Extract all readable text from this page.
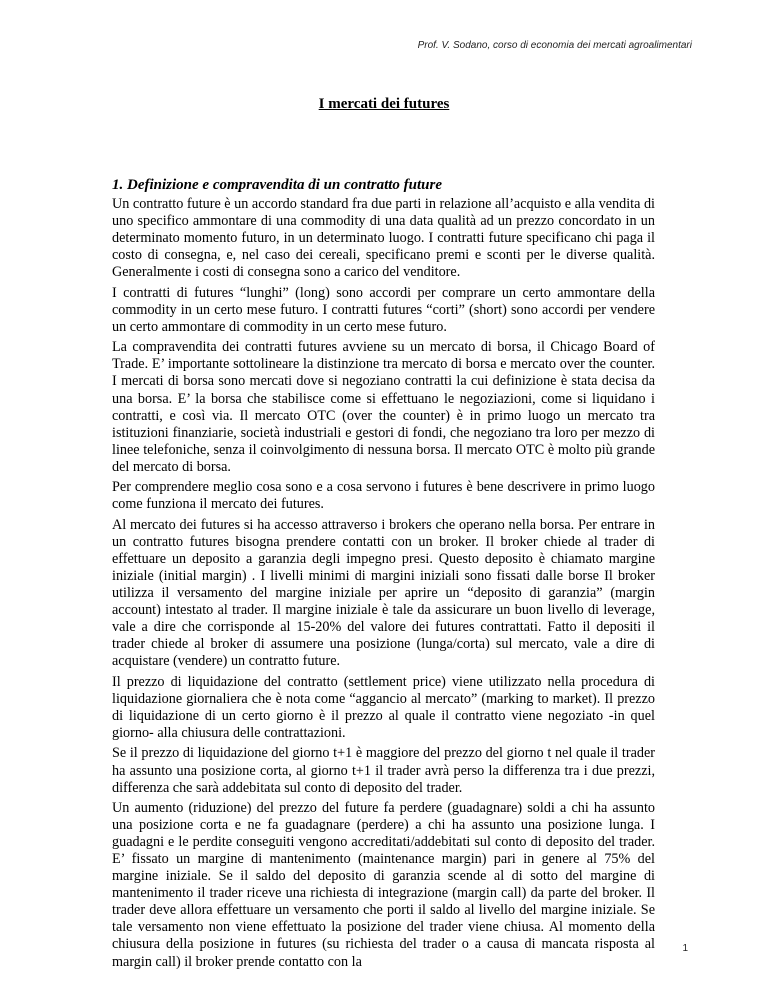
Prof. V. Sodano, corso di economia dei mercati agroalimentari
I mercati dei futures
1. Definizione e compravendita di un contratto future

Un contratto future è un accordo standard fra due parti in relazione all’acquisto e alla vendita di uno specifico ammontare di una commodity di una data qualità ad un prezzo concordato in un determinato momento futuro, in un determinato luogo. I contratti future specificano chi paga il costo di consegna, e, nel caso dei cereali, specificano premi e sconti per le diverse qualità. Generalmente i costi di consegna sono a carico del venditore.

I contratti di futures “lunghi” (long) sono accordi per comprare un certo ammontare della commodity in un certo mese futuro. I contratti futures “corti” (short) sono accordi per vendere un certo ammontare di commodity in un certo mese futuro.

La compravendita dei contratti futures avviene su un mercato di borsa, il Chicago Board of Trade. E’ importante sottolineare la distinzione tra mercato di borsa e mercato over the counter. I mercati di borsa sono mercati dove si negoziano contratti la cui definizione è stata decisa da una borsa. E’ la borsa che stabilisce come si effettuano le negoziazioni, come si liquidano i contratti, e così via. Il mercato OTC (over the counter) è in primo luogo un mercato tra istituzioni finanziarie, società industriali e gestori di fondi, che negoziano tra loro per mezzo di linee telefoniche, senza il coinvolgimento di nessuna borsa. Il mercato OTC è molto più grande del mercato di borsa.

Per comprendere meglio cosa sono e a cosa servono i futures è bene descrivere in primo luogo come funziona il mercato dei futures.

Al mercato dei futures si ha accesso attraverso i brokers che operano nella borsa. Per entrare in un contratto futures bisogna prendere contatti con un broker. Il broker chiede al trader di effettuare un deposito a garanzia degli impegno presi. Questo deposito è chiamato margine iniziale (initial margin) . I livelli minimi di margini iniziali sono fissati dalle borse Il broker utilizza il versamento del margine iniziale per aprire un “deposito di garanzia” (margin account) intestato al trader. Il margine iniziale è tale da assicurare un buon livello di leverage, vale a dire che corrisponde al 15-20% del valore dei futures contrattati. Fatto il depositi il trader chiede al broker di assumere una posizione (lunga/corta) sul mercato, vale a dire di acquistare (vendere) un contratto future.

Il prezzo di liquidazione del contratto (settlement price) viene utilizzato nella procedura di liquidazione giornaliera che è nota come “aggancio al mercato” (marking to market). Il prezzo di liquidazione di un certo giorno è il prezzo al quale il contratto viene negoziato -in quel giorno- alla chiusura delle contrattazioni.

Se il prezzo di liquidazione del giorno t+1 è maggiore del prezzo del giorno t nel quale il trader ha assunto una posizione corta, al giorno t+1 il trader avrà perso la differenza tra i due prezzi, differenza che sarà addebitata sul conto di deposito del trader.

Un aumento (riduzione) del prezzo del future fa perdere (guadagnare) soldi a chi ha assunto una posizione corta e ne fa guadagnare (perdere) a chi ha assunto una posizione lunga. I guadagni e le perdite conseguiti vengono accreditati/addebitati sul conto di deposito del trader. E’ fissato un margine di mantenimento (maintenance margin) pari in genere al 75% del margine iniziale. Se il saldo del deposito di garanzia scende al di sotto del margine di mantenimento il trader riceve una richiesta di integrazione (margin call) da parte del broker. Il trader deve allora effettuare un versamento che porti il saldo al livello del margine iniziale. Se tale versamento non viene effettuato la posizione del trader viene chiusa. Al momento della chiusura della posizione in futures (su richiesta del trader o a causa di mancata risposta al margin call) il broker prende contatto con la

1
